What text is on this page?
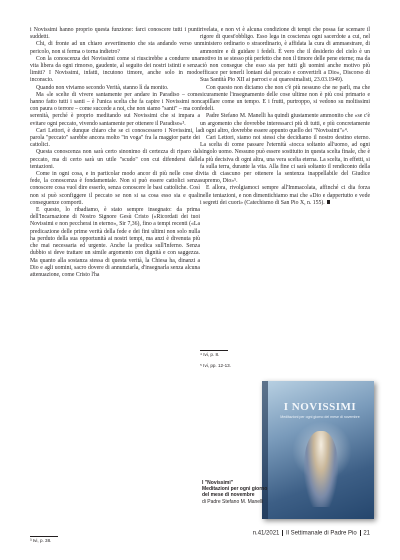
i Novissimi hanno proprio questa funzione: farci conoscere tutti i punti suddetti.

Chi, di fronte ad un chiaro avvertimento che sta andando verso un pericolo, non si ferma o torna indietro?

Con la conoscenza dei Novissimi come si riuscirebbe a condurre una vita libera da ogni rimorso, gaudente, al seguito dei nostri istinti e senza limiti? I Novissimi, infatti, incutono timore, anche solo in modo inconscio.

Quando non viviamo secondo Verità, stanno lì da monito.

Ma «le scelte di vivere santamente per andare in Paradiso – come hanno fatto tutti i santi – è l'unica scelta che fa capire i Novissimi non con paura o terrore – come succede a noi, che non siamo "santi" – ma con serenità, perché è proprio meditando sui Novissimi che si impara a evitare ogni peccato, vivendo santamente per ottenere il Paradiso»³.

Cari Lettori, è dunque chiaro che se ci conoscessero i Novissimi, la parola "peccato" sarebbe ancora molto "in voga" fra la maggior parte dei cattolici.

Questa conoscenza non sarà certo sinonimo di certezza di riparo dal peccato, ma di certo sarà un utile "scudo" con cui difendersi dalle tentazioni.

Come in ogni cosa, e in particolar modo ancor di più nelle cose di fede, la conoscenza è fondamentale. Non si può essere cattolici senza conoscere cosa vuol dire esserlo, senza conoscere le basi cattoliche. Così non si può sconfiggere il peccato se non si sa cosa esso sia e quali conseguenze comporti.

E questo, lo ribadiamo, è stato sempre insegnato: da prima dell'Incarnazione di Nostro Signore Gesù Cristo («Ricordati dei tuoi Novissimi e non peccherai in eterno», Sir 7,36), fino a tempi recenti («La predicazione delle prime verità della fede e dei fini ultimi non solo nulla ha perduto della sua opportunità ai nostri tempi, ma anzi è divenuta più che mai necessaria ed urgente. Anche la predica sull'Inferno. Senza dubbio si deve trattare un simile argomento con dignità e con saggezza. Ma quanto alla sostanza stessa di questa verità, la Chiesa ha, dinanzi a Dio e agli uomini, sacro dovere di annunziarla, d'insegnarla senza alcuna attenuazione, come Cristo l'ha

rivelata, e non vi è alcuna condizione di tempi che possa far scemare il rigore di quest'obbligo. Esso lega in coscienza ogni sacerdote a cui, nel ministero ordinario o straordinario, è affidata la cura di ammaestrare, di ammonire e di guidare i fedeli. È vero che il desiderio del cielo è un motivo in se stesso più perfetto che non il timore delle pene eterne; ma da ciò non consegue che esso sia per tutti gli uomini anche motivo più efficace per tenerli lontani dal peccato e convertirli a Dio», Discorso di Sua Santità Pio XII ai parroci e ai quaresimalisti, 23.03.1949).

Con questo non diciamo che non c'è più nessuno che ne parli, ma che sicuramente l'insegnamento delle cose ultime non è più così primario e capillare come un tempo. E i frutti, purtroppo, si vedono su moltissimi fedeli.

Padre Stefano M. Manelli ha quindi giustamente ammonito che «se c'è un argomento che dovrebbe interessarci più di tutti, e più concretamente di ogni altro, dovrebbe essere appunto quello dei "Novissimi"»⁴.

Cari Lettori, siamo noi stessi che decidiamo il nostro destino eterno. La scelta di come passare l'eternità «tocca soltanto all'uomo, ad ogni singolo uomo. Nessuno può essere sostituito in questa scelta finale, che è la più decisiva di ogni altra, una vera scelta eterna. La scelta, in effetti, si fa sulla terra, durante la vita. Alla fine ci sarà soltanto il rendiconto della vita di ciascuno per ottenere la sentenza inappellabile del Giudice supremo, Dio»⁵.

E allora, rivolgiamoci sempre all'Immacolata, affinché ci dia forza nelle tentazioni, e non dimentichiamo mai che «Dio e dappertutto e vede i segreti dei cuori» (Catechismo di San Pio X, n. 155).

³ Ivi, p. 38.
⁴ Ivi, p. 8.
⁵ Ivi, pp. 12-13.
I NOVISSIMI
Meditazioni per ogni giorno del mese di novembre
I "Novissimi"
Meditazioni per ogni giorno del mese di novembre
di Padre Stefano M. Manelli
n.41/2021 Il Settimanale di Padre Pio 21
